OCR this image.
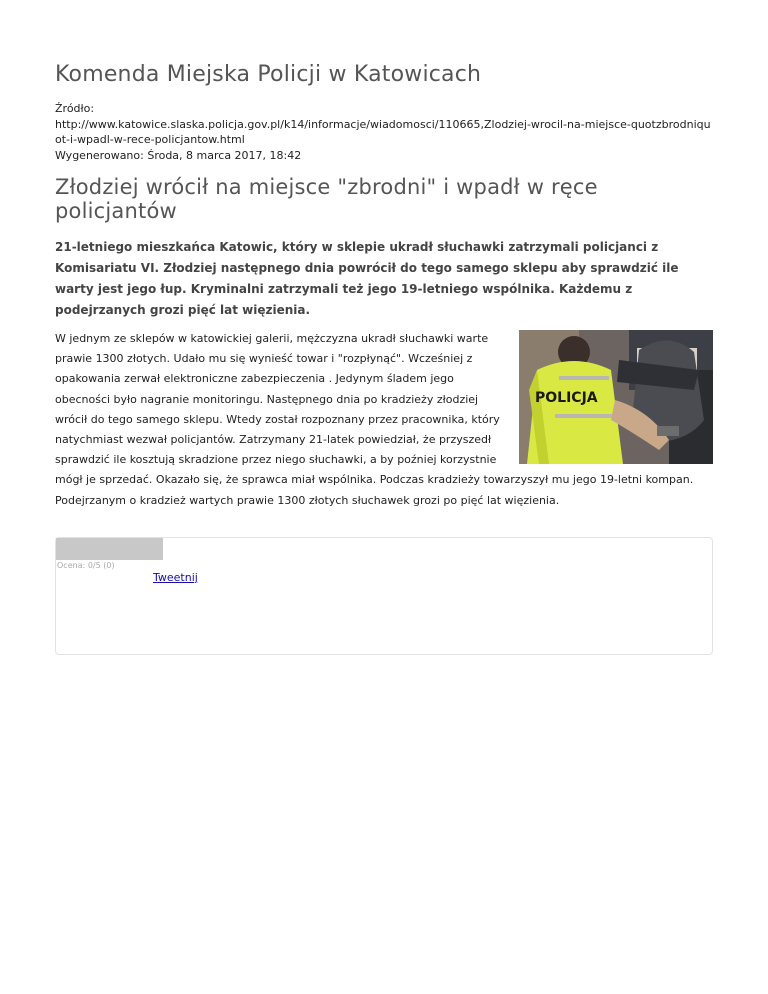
Komenda Miejska Policji w Katowicach
Źródło:
http://www.katowice.slaska.policja.gov.pl/k14/informacje/wiadomosci/110665,Zlodziej-wrocil-na-miejsce-quotzbrodniquot-i-wpadl-w-rece-policjantow.html
Wygenerowano: Środa, 8 marca 2017, 18:42
Złodziej wrócił na miejsce "zbrodni" i wpadł w ręce policjantów
21-letniego mieszkańca Katowic, który w sklepie ukradł słuchawki zatrzymali policjanci z Komisariatu VI. Złodziej następnego dnia powrócił do tego samego sklepu aby sprawdzić ile warty jest jego łup. Kryminalni zatrzymali też jego 19-letniego wspólnika. Każdemu z podejrzanych grozi pięć lat więzienia.
POLICJA
W jednym ze sklepów w katowickiej galerii, mężczyzna ukradł słuchawki warte prawie 1300 złotych. Udało mu się wynieść towar i "rozpłynąć". Wcześniej z opakowania zerwał elektroniczne zabezpieczenia . Jedynym śladem jego obecności było nagranie monitoringu. Następnego dnia po kradzieży złodziej wrócił do tego samego sklepu. Wtedy został rozpoznany przez pracownika, który natychmiast wezwał policjantów. Zatrzymany 21-latek powiedział, że przyszedł sprawdzić ile kosztują skradzione przez niego słuchawki, a by poźniej korzystnie mógł je sprzedać. Okazało się, że sprawca miał wspólnika. Podczas kradzieży towarzyszył mu jego 19-letni kompan. Podejrzanym o kradzież wartych prawie 1300 złotych słuchawek grozi po pięć lat więzienia.
Ocena: 0/5 (0)
Tweetnij
